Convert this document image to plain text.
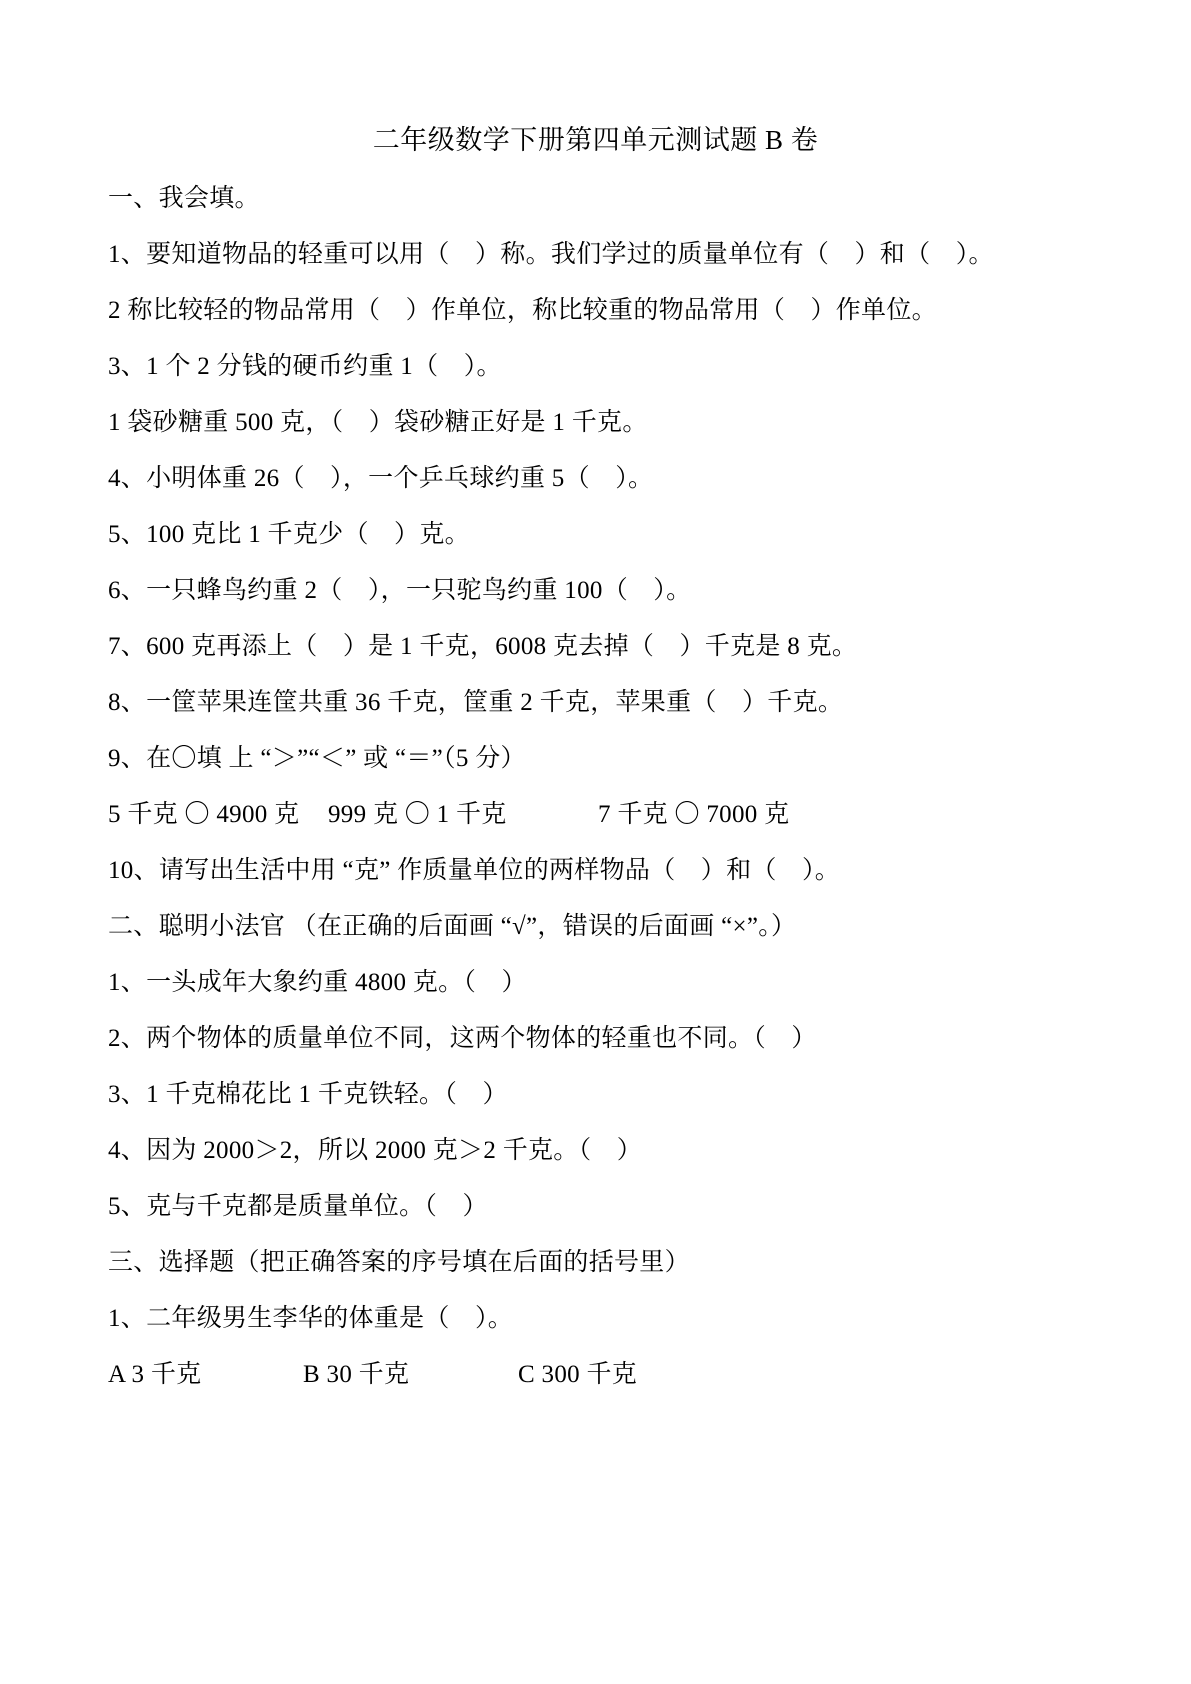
二年级数学下册第四单元测试题 B 卷

一、我会填。

1、要知道物品的轻重可以用（　）称。我们学过的质量单位有（　）和（　）。

2 称比较轻的物品常用（　）作单位，称比较重的物品常用（　）作单位。

3、1 个 2 分钱的硬币约重 1（　）。

1 袋砂糖重 500 克，（　）袋砂糖正好是 1 千克。

4、小明体重 26（　），一个乒乓球约重 5（　）。

5、100 克比 1 千克少（　）克。

6、一只蜂鸟约重 2（　），一只驼鸟约重 100（　）。

7、600 克再添上（　）是 1 千克，6008 克去掉（　）千克是 8 克。

8、一筐苹果连筐共重 36 千克，筐重 2 千克，苹果重（　）千克。

9、在〇填 上 “＞”“＜” 或 “＝”（5 分）

5 千克 〇 4900 克	999 克 〇 1 千克	7 千克 〇 7000 克

10、请写出生活中用 “克” 作质量单位的两样物品（　）和（　）。

二、聪明小法官 （在正确的后面画 “√”，错误的后面画 “×”。）

1、一头成年大象约重 4800 克。（　）

2、两个物体的质量单位不同，这两个物体的轻重也不同。（　）

3、1 千克棉花比 1 千克铁轻。（　）

4、因为 2000＞2，所以 2000 克＞2 千克。（　）

5、克与千克都是质量单位。（　）

三、选择题（把正确答案的序号填在后面的括号里）

1、二年级男生李华的体重是（　）。

A 3 千克	B 30 千克	C 300 千克
